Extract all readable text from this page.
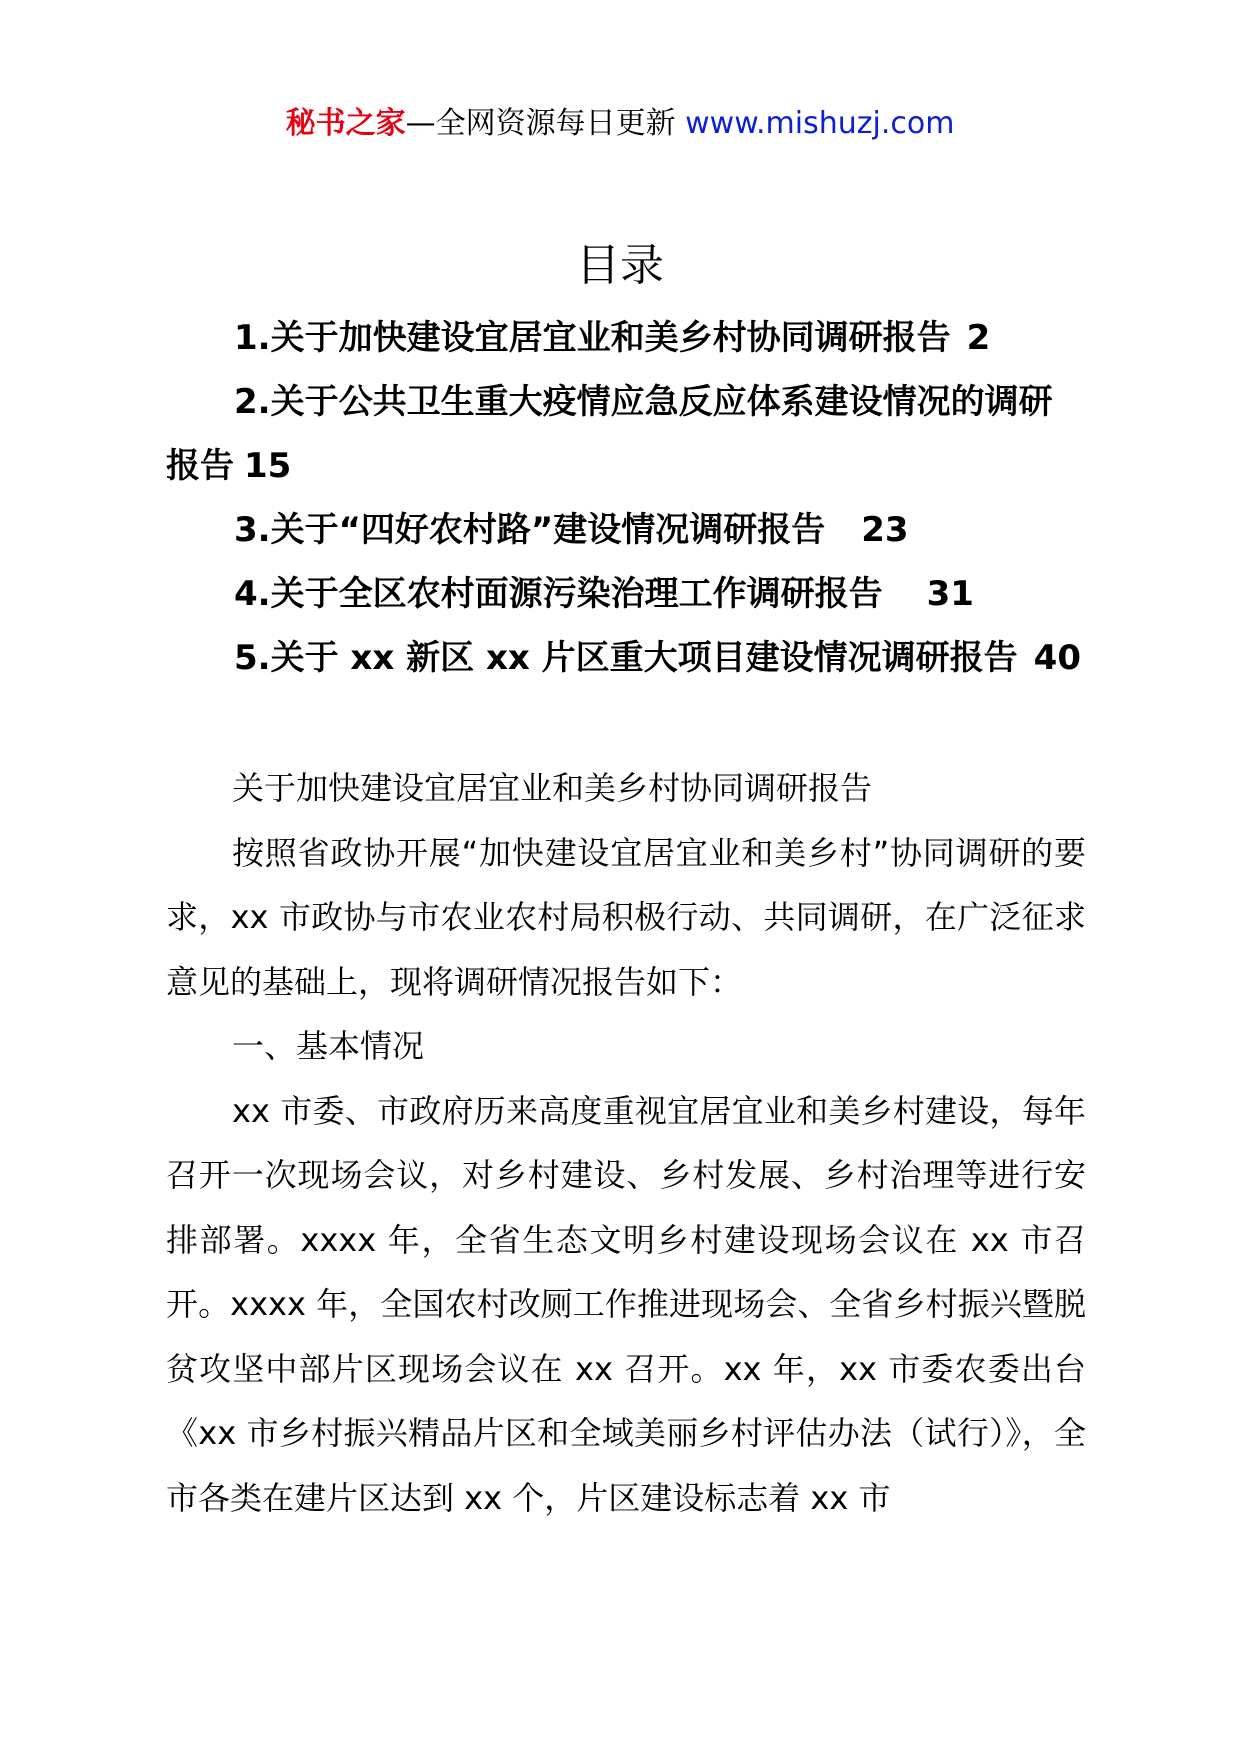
秘书之家—全网资源每日更新 www.mishuzj.com
目录
1.关于加快建设宜居宜业和美乡村协同调研报告 2
2.关于公共卫生重大疫情应急反应体系建设情况的调研报告 15
3.关于“四好农村路”建设情况调研报告 23
4.关于全区农村面源污染治理工作调研报告 31
5.关于 xx 新区 xx 片区重大项目建设情况调研报告 40

关于加快建设宜居宜业和美乡村协同调研报告

按照省政协开展“加快建设宜居宜业和美乡村”协同调研的要求，xx 市政协与市农业农村局积极行动、共同调研，在广泛征求意见的基础上，现将调研情况报告如下：

一、基本情况

xx 市委、市政府历来高度重视宜居宜业和美乡村建设，每年召开一次现场会议，对乡村建设、乡村发展、乡村治理等进行安排部署。xxxx 年，全省生态文明乡村建设现场会议在 xx 市召开。xxxx 年，全国农村改厕工作推进现场会、全省乡村振兴暨脱贫攻坚中部片区现场会议在 xx 召开。xx 年，xx 市委农委出台《xx 市乡村振兴精品片区和全域美丽乡村评估办法（试行）》，全市各类在建片区达到 xx 个，片区建设标志着 xx 市
